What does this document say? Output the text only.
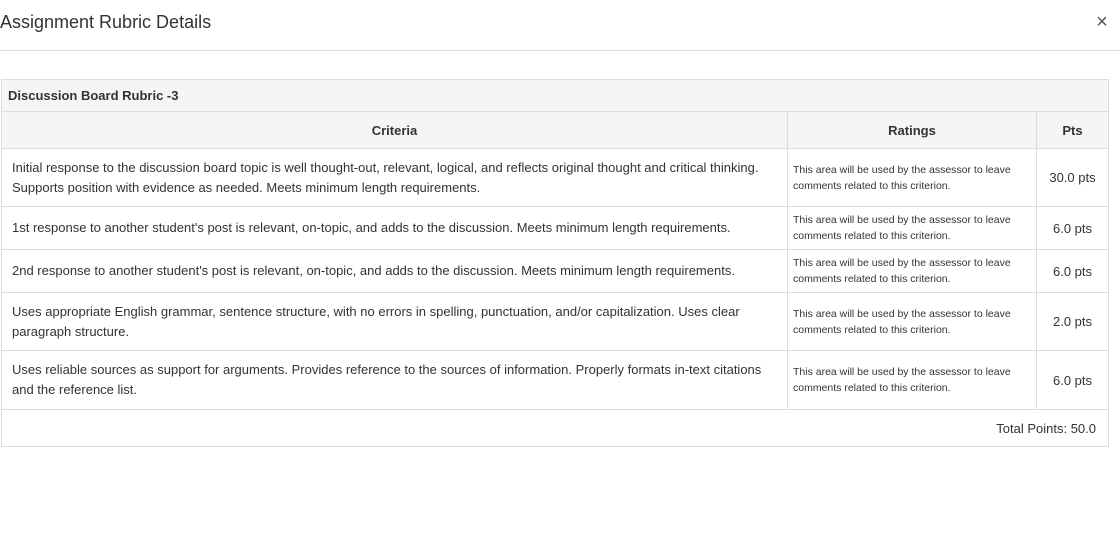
Assignment Rubric Details	×
Discussion Board Rubric -3
Criteria	Ratings	Pts
Initial response to the discussion board topic is well thought-out, relevant, logical, and reflects original thought and critical thinking. Supports position with evidence as needed. Meets minimum length requirements.	This area will be used by the assessor to leave comments related to this criterion.	30.0 pts
1st response to another student's post is relevant, on-topic, and adds to the discussion. Meets minimum length requirements.	This area will be used by the assessor to leave comments related to this criterion.	6.0 pts
2nd response to another student's post is relevant, on-topic, and adds to the discussion. Meets minimum length requirements.	This area will be used by the assessor to leave comments related to this criterion.	6.0 pts
Uses appropriate English grammar, sentence structure, with no errors in spelling, punctuation, and/or capitalization. Uses clear paragraph structure.	This area will be used by the assessor to leave comments related to this criterion.	2.0 pts
Uses reliable sources as support for arguments. Provides reference to the sources of information. Properly formats in-text citations and the reference list.	This area will be used by the assessor to leave comments related to this criterion.	6.0 pts
Total Points: 50.0		
